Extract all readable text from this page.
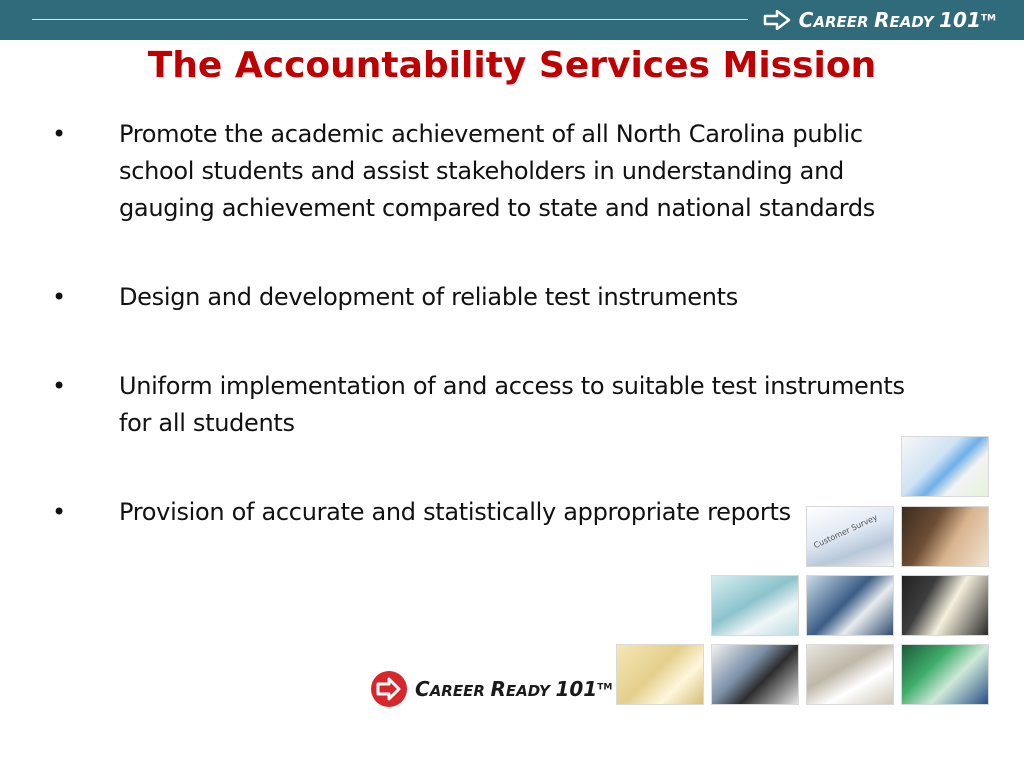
CAREER READY 101™
The Accountability Services Mission
•	Promote the academic achievement of all North Carolina public school students and assist stakeholders in understanding and gauging achievement compared to state and national standards
•	Design and development of reliable test instruments
•	Uniform implementation of and access to suitable test instruments for all students
•	Provision of accurate and statistically appropriate reports
Customer Survey
CAREER READY 101™
